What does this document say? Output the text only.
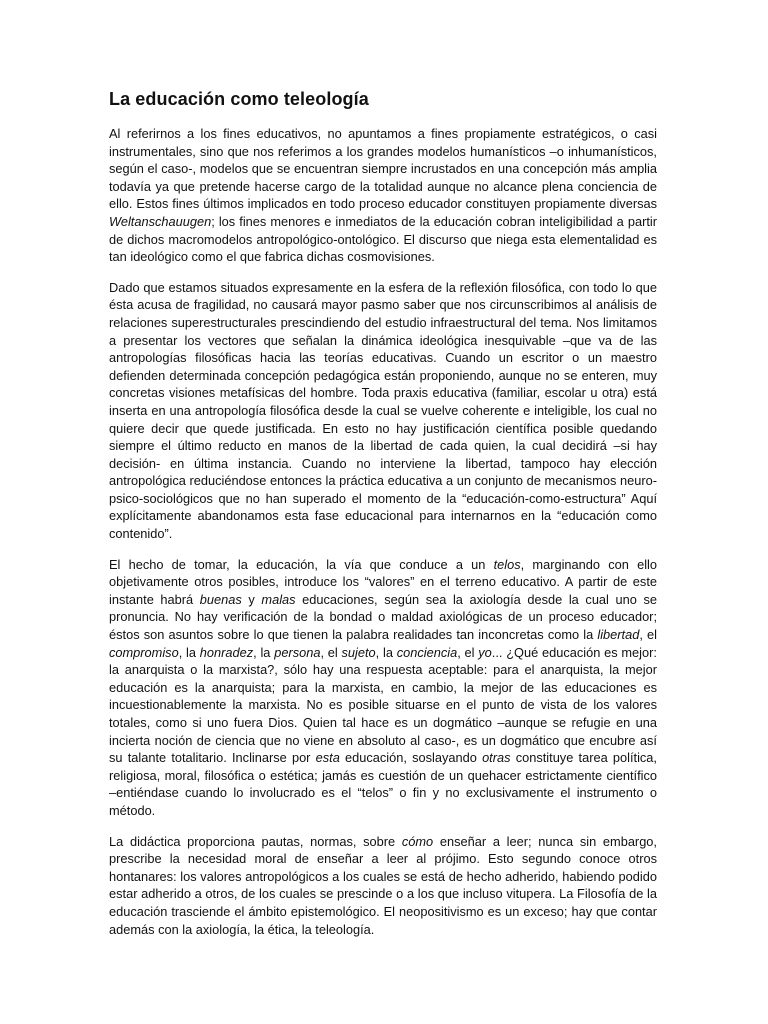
La educación como teleología

Al referirnos a los fines educativos, no apuntamos a fines propiamente estratégicos, o casi instrumentales, sino que nos referimos a los grandes modelos humanísticos –o inhumanísticos, según el caso-, modelos que se encuentran siempre incrustados en una concepción más amplia todavía ya que pretende hacerse cargo de la totalidad aunque no alcance plena conciencia de ello. Estos fines últimos implicados en todo proceso educador constituyen propiamente diversas Weltanschauugen; los fines menores e inmediatos de la educación cobran inteligibilidad a partir de dichos macromodelos antropológico-ontológico. El discurso que niega esta elementalidad es tan ideológico como el que fabrica dichas cosmovisiones.

Dado que estamos situados expresamente en la esfera de la reflexión filosófica, con todo lo que ésta acusa de fragilidad, no causará mayor pasmo saber que nos circunscribimos al análisis de relaciones superestructurales prescindiendo del estudio infraestructural del tema. Nos limitamos a presentar los vectores que señalan la dinámica ideológica inesquivable –que va de las antropologías filosóficas hacia las teorías educativas. Cuando un escritor o un maestro defienden determinada concepción pedagógica están proponiendo, aunque no se enteren, muy concretas visiones metafísicas del hombre. Toda praxis educativa (familiar, escolar u otra) está inserta en una antropología filosófica desde la cual se vuelve coherente e inteligible, los cual no quiere decir que quede justificada. En esto no hay justificación científica posible quedando siempre el último reducto en manos de la libertad de cada quien, la cual decidirá –si hay decisión- en última instancia. Cuando no interviene la libertad, tampoco hay elección antropológica reduciéndose entonces la práctica educativa a un conjunto de mecanismos neuro-psico-sociológicos que no han superado el momento de la “educación-como-estructura” Aquí explícitamente abandonamos esta fase educacional para internarnos en la “educación como contenido”.

El hecho de tomar, la educación, la vía que conduce a un telos, marginando con ello objetivamente otros posibles, introduce los “valores” en el terreno educativo. A partir de este instante habrá buenas y malas educaciones, según sea la axiología desde la cual uno se pronuncia. No hay verificación de la bondad o maldad axiológicas de un proceso educador; éstos son asuntos sobre lo que tienen la palabra realidades tan inconcretas como la libertad, el compromiso, la honradez, la persona, el sujeto, la conciencia, el yo... ¿Qué educación es mejor: la anarquista o la marxista?, sólo hay una respuesta aceptable: para el anarquista, la mejor educación es la anarquista; para la marxista, en cambio, la mejor de las educaciones es incuestionablemente la marxista. No es posible situarse en el punto de vista de los valores totales, como si uno fuera Dios. Quien tal hace es un dogmático –aunque se refugie en una incierta noción de ciencia que no viene en absoluto al caso-, es un dogmático que encubre así su talante totalitario. Inclinarse por esta educación, soslayando otras constituye tarea política, religiosa, moral, filosófica o estética; jamás es cuestión de un quehacer estrictamente científico –entiéndase cuando lo involucrado es el “telos” o fin y no exclusivamente el instrumento o método.

La didáctica proporciona pautas, normas, sobre cómo enseñar a leer; nunca sin embargo, prescribe la necesidad moral de enseñar a leer al prójimo. Esto segundo conoce otros hontanares: los valores antropológicos a los cuales se está de hecho adherido, habiendo podido estar adherido a otros, de los cuales se prescinde o a los que incluso vitupera. La Filosofía de la educación trasciende el ámbito epistemológico. El neopositivismo es un exceso; hay que contar además con la axiología, la ética, la teleología.
